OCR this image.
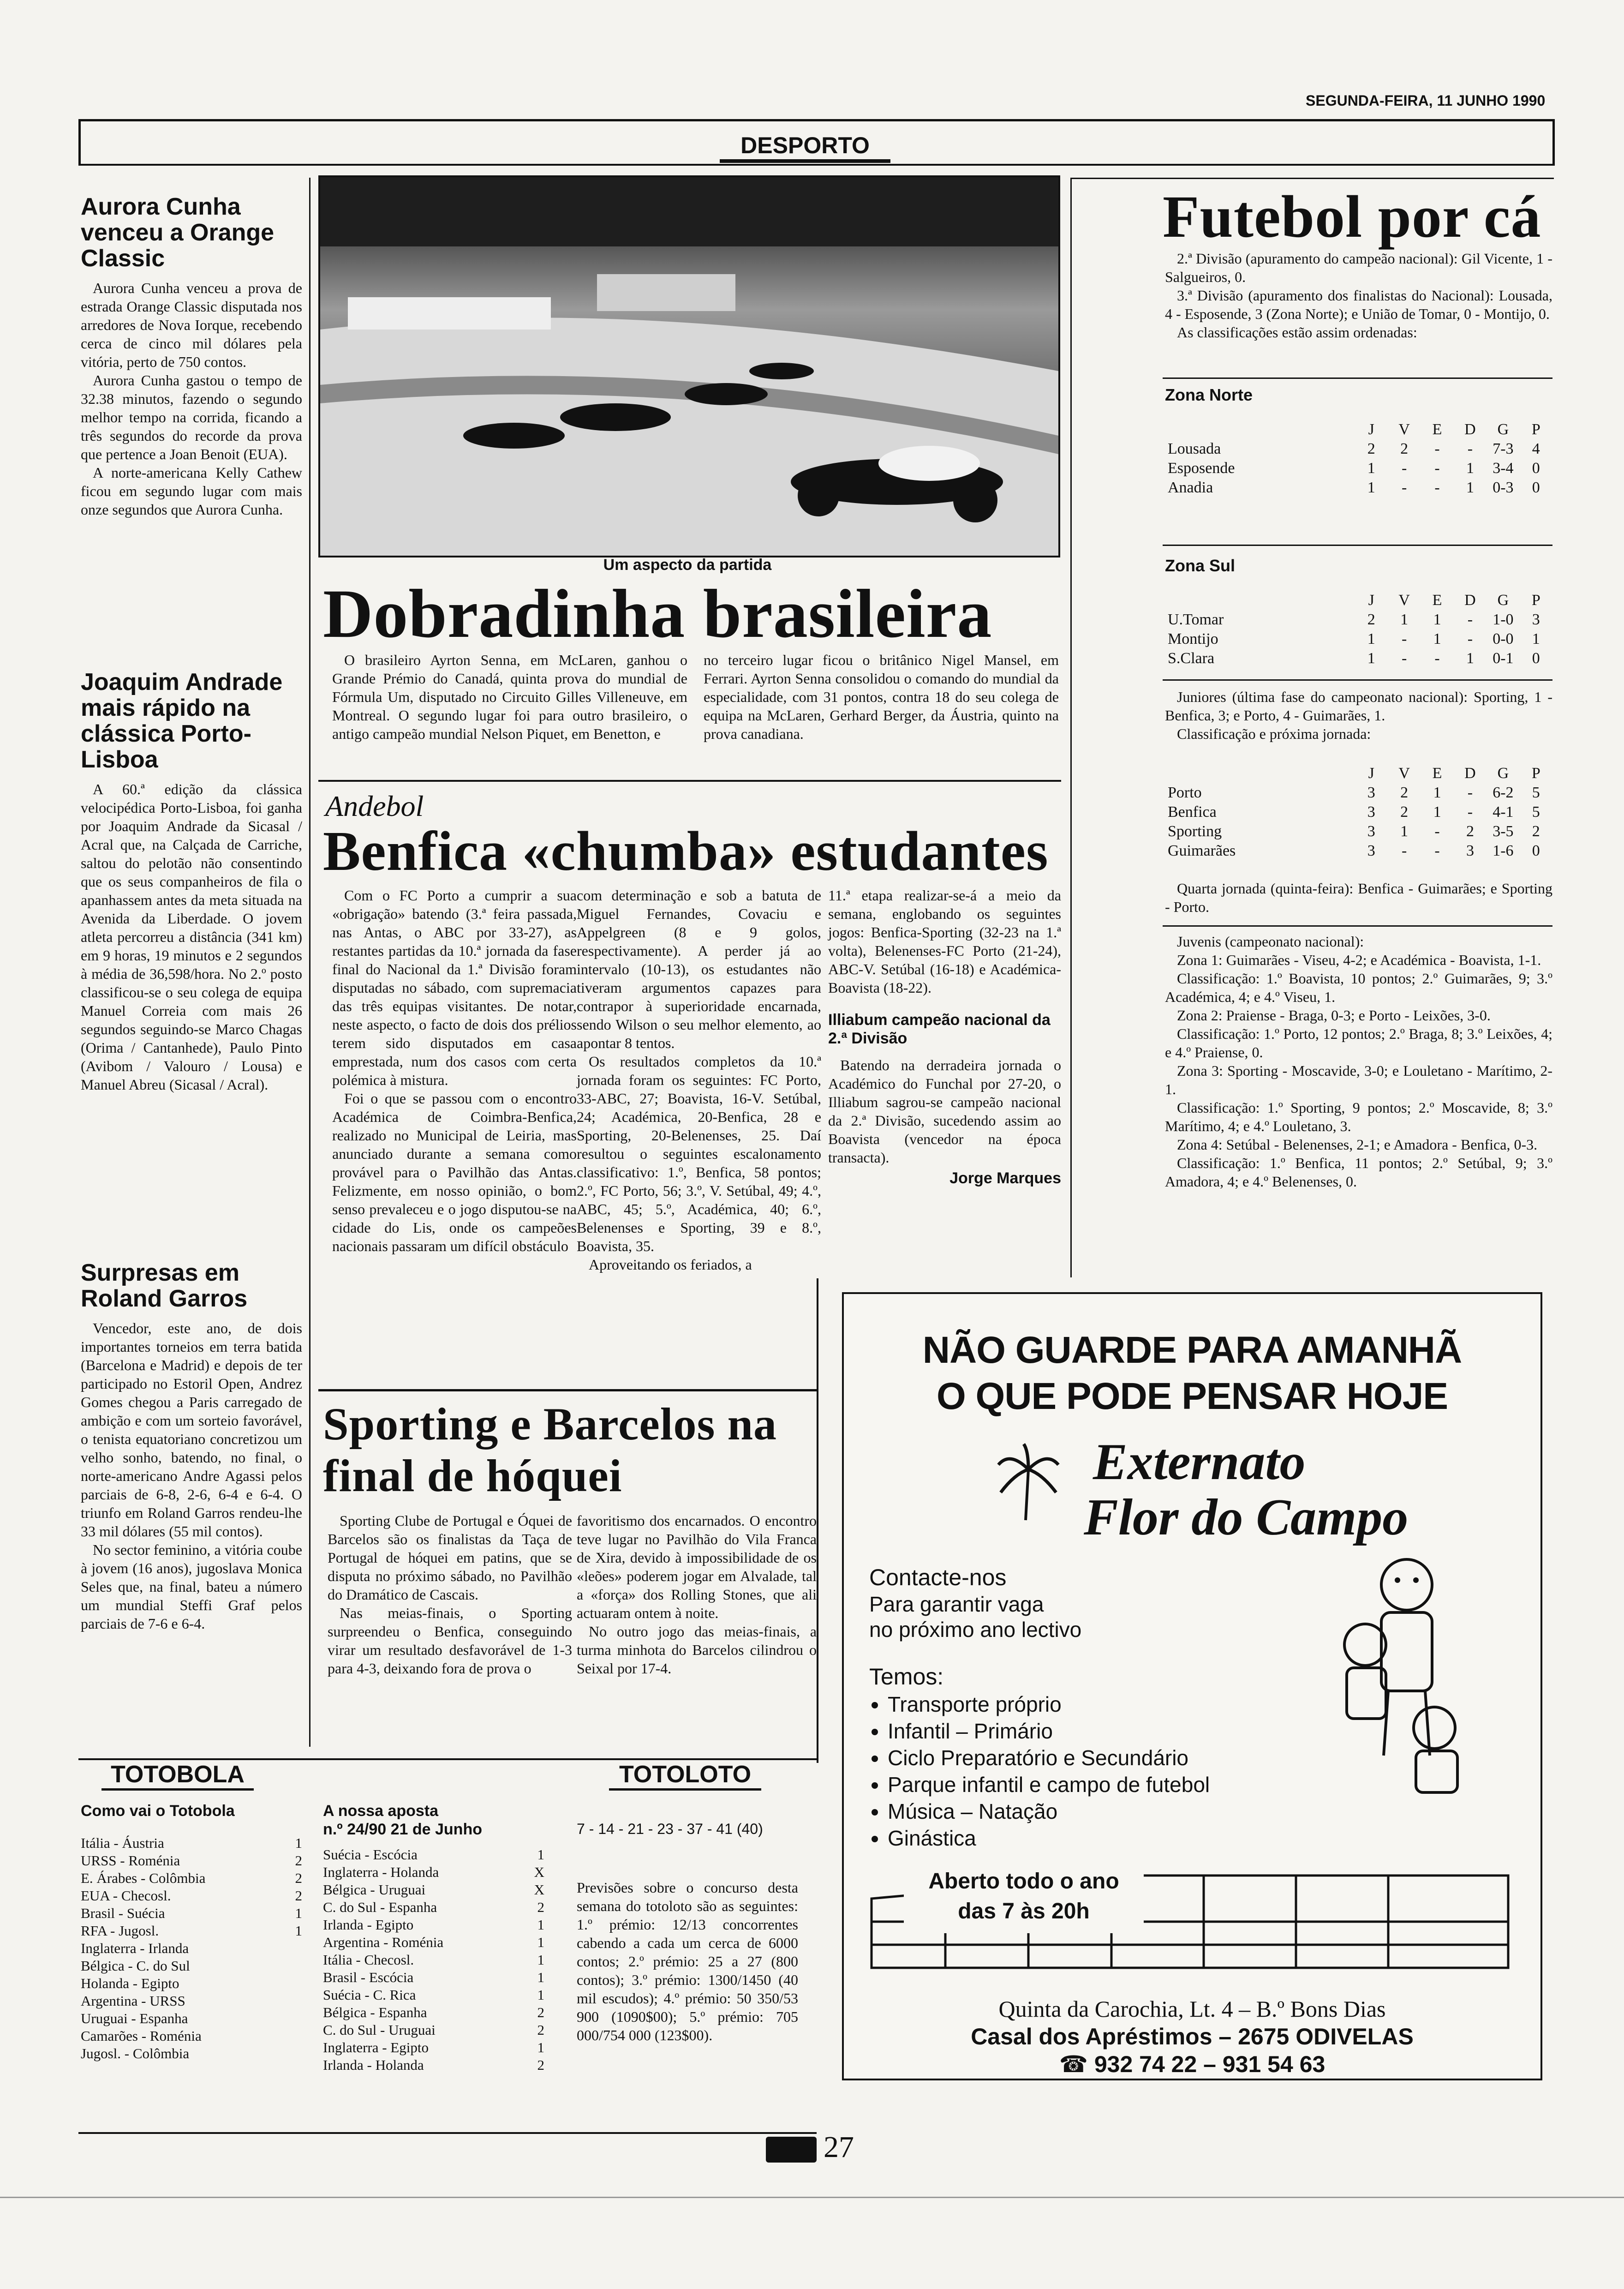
SEGUNDA-FEIRA, 11 JUNHO 1990
DESPORTO
Aurora Cunha venceu a Orange Classic

Aurora Cunha venceu a prova de estrada Orange Classic disputada nos arredores de Nova Iorque, recebendo cerca de cinco mil dólares pela vitória, perto de 750 contos.

Aurora Cunha gastou o tempo de 32.38 minutos, fazendo o segundo melhor tempo na corrida, ficando a três segundos do recorde da prova que pertence a Joan Benoit (EUA).

A norte-americana Kelly Cathew ficou em segundo lugar com mais onze segundos que Aurora Cunha.

Joaquim Andrade mais rápido na clássica Porto-Lisboa

A 60.ª edição da clássica velocipédica Porto-Lisboa, foi ganha por Joaquim Andrade da Sicasal / Acral que, na Calçada de Carriche, saltou do pelotão não consentindo que os seus companheiros de fila o apanhassem antes da meta situada na Avenida da Liberdade. O jovem atleta percorreu a distância (341 km) em 9 horas, 19 minutos e 2 segundos à média de 36,598/hora. No 2.º posto classificou-se o seu colega de equipa Manuel Correia com mais 26 segundos seguindo-se Marco Chagas (Orima / Cantanhede), Paulo Pinto (Avibom / Valouro / Lousa) e Manuel Abreu (Sicasal / Acral).

Surpresas em Roland Garros

Vencedor, este ano, de dois importantes torneios em terra batida (Barcelona e Madrid) e depois de ter participado no Estoril Open, Andrez Gomes chegou a Paris carregado de ambição e com um sorteio favorável, o tenista equatoriano concretizou um velho sonho, batendo, no final, o norte-americano Andre Agassi pelos parciais de 6-8, 2-6, 6-4 e 6-4. O triunfo em Roland Garros rendeu-lhe 33 mil dólares (55 mil contos).

No sector feminino, a vitória coube à jovem (16 anos), jugoslava Monica Seles que, na final, bateu a número um mundial Steffi Graf pelos parciais de 7-6 e 6-4.

Um aspecto da partida
Dobradinha brasileira

O brasileiro Ayrton Senna, em McLaren, ganhou o Grande Prémio do Canadá, quinta prova do mundial de Fórmula Um, disputado no Circuito Gilles Villeneuve, em Montreal. O segundo lugar foi para outro brasileiro, o antigo campeão mundial Nelson Piquet, em Benetton, e

no terceiro lugar ficou o britânico Nigel Mansel, em Ferrari. Ayrton Senna consolidou o comando do mundial da especialidade, com 31 pontos, contra 18 do seu colega de equipa na McLaren, Gerhard Berger, da Áustria, quinto na prova canadiana.

Andebol
Benfica «chumba» estudantes

Com o FC Porto a cumprir a sua «obrigação» batendo (3.ª feira passada, nas Antas, o ABC por 33-27), as restantes partidas da 10.ª jornada da fase final do Nacional da 1.ª Divisão foram disputadas no sábado, com supremacia das três equipas visitantes. De notar, neste aspecto, o facto de dois dos prélios terem sido disputados em casa emprestada, num dos casos com certa polémica à mistura.

Foi o que se passou com o encontro Académica de Coimbra-Benfica, realizado no Municipal de Leiria, mas anunciado durante a semana como provável para o Pavilhão das Antas. Felizmente, em nosso opinião, o bom senso prevaleceu e o jogo disputou-se na cidade do Lis, onde os campeões nacionais passaram um difícil obstáculo

com determinação e sob a batuta de Miguel Fernandes, Covaciu e Appelgreen (8 e 9 golos, respectivamente). A perder já ao intervalo (10-13), os estudantes não tiveram argumentos capazes para contrapor à superioridade encarnada, sendo Wilson o seu melhor elemento, ao apontar 8 tentos.

Os resultados completos da 10.ª jornada foram os seguintes: FC Porto, 33-ABC, 27; Boavista, 16-V. Setúbal, 24; Académica, 20-Benfica, 28 e Sporting, 20-Belenenses, 25. Daí resultou o seguintes escalonamento classificativo: 1.º, Benfica, 58 pontos; 2.º, FC Porto, 56; 3.º, V. Setúbal, 49; 4.º, ABC, 45; 5.º, Académica, 40; 6.º, Belenenses e Sporting, 39 e 8.º, Boavista, 35.

Aproveitando os feriados, a

11.ª etapa realizar-se-á a meio da semana, englobando os seguintes jogos: Benfica-Sporting (32-23 na 1.ª volta), Belenenses-FC Porto (21-24), ABC-V. Setúbal (16-18) e Académica-Boavista (18-22).

Illiabum campeão nacional da 2.ª Divisão

Batendo na derradeira jornada o Académico do Funchal por 27-20, o Illiabum sagrou-se campeão nacional da 2.ª Divisão, sucedendo assim ao Boavista (vencedor na época transacta).

Jorge Marques
Sporting e Barcelos na final de hóquei

Sporting Clube de Portugal e Óquei de Barcelos são os finalistas da Taça de Portugal de hóquei em patins, que se disputa no próximo sábado, no Pavilhão do Dramático de Cascais.

Nas meias-finais, o Sporting surpreendeu o Benfica, conseguindo virar um resultado desfavorável de 1-3 para 4-3, deixando fora de prova o

favoritismo dos encarnados. O encontro teve lugar no Pavilhão do Vila Franca de Xira, devido à impossibilidade de os «leões» poderem jogar em Alvalade, tal a «força» dos Rolling Stones, que ali actuaram ontem à noite.

No outro jogo das meias-finais, a turma minhota do Barcelos cilindrou o Seixal por 17-4.

Futebol por cá

2.ª Divisão (apuramento do campeão nacional): Gil Vicente, 1 - Salgueiros, 0.

3.ª Divisão (apuramento dos finalistas do Nacional): Lousada, 4 - Esposende, 3 (Zona Norte); e União de Tomar, 0 - Montijo, 0.

As classificações estão assim ordenadas:

Zona Norte
	J	V	E	D	G	P
Lousada	2	2	-	-	7-3	4
Esposende	1	-	-	1	3-4	0
Anadia	1	-	-	1	0-3	0
Zona Sul
	J	V	E	D	G	P
U.Tomar	2	1	1	-	1-0	3
Montijo	1	-	1	-	0-0	1
S.Clara	1	-	-	1	0-1	0

Juniores (última fase do campeonato nacional): Sporting, 1 - Benfica, 3; e Porto, 4 - Guimarães, 1.

Classificação e próxima jornada:

	J	V	E	D	G	P
Porto	3	2	1	-	6-2	5
Benfica	3	2	1	-	4-1	5
Sporting	3	1	-	2	3-5	2
Guimarães	3	-	-	3	1-6	0

Quarta jornada (quinta-feira): Benfica - Guimarães; e Sporting - Porto.

Juvenis (campeonato nacional):

Zona 1: Guimarães - Viseu, 4-2; e Académica - Boavista, 1-1.

Classificação: 1.º Boavista, 10 pontos; 2.º Guimarães, 9; 3.º Académica, 4; e 4.º Viseu, 1.

Zona 2: Praiense - Braga, 0-3; e Porto - Leixões, 3-0.

Classificação: 1.º Porto, 12 pontos; 2.º Braga, 8; 3.º Leixões, 4; e 4.º Praiense, 0.

Zona 3: Sporting - Moscavide, 3-0; e Louletano - Marítimo, 2-1.

Classificação: 1.º Sporting, 9 pontos; 2.º Moscavide, 8; 3.º Marítimo, 4; e 4.º Louletano, 3.

Zona 4: Setúbal - Belenenses, 2-1; e Amadora - Benfica, 0-3.

Classificação: 1.º Benfica, 11 pontos; 2.º Setúbal, 9; 3.º Amadora, 4; e 4.º Belenenses, 0.

NÃO GUARDE PARA AMANHÃ
O QUE PODE PENSAR HOJE
Externato
Flor do Campo
Contacte-nos
Para garantir vaga
no próximo ano lectivo
Temos:
• Transporte próprio
• Infantil – Primário
• Ciclo Preparatório e Secundário
• Parque infantil e campo de futebol
• Música – Natação
• Ginástica
Aberto todo o ano
das 7 às 20h
Quinta da Carochia, Lt. 4 – B.º Bons Dias
Casal dos Apréstimos – 2675 ODIVELAS
☎ 932 74 22 – 931 54 63
TOTOBOLA
Como vai o Totobola
Itália - Áustria	1
URSS - Roménia	2
E. Árabes - Colômbia	2
EUA - Checosl.	2
Brasil - Suécia	1
RFA - Jugosl.	1
Inglaterra - Irlanda	
Bélgica - C. do Sul	
Holanda - Egipto	
Argentina - URSS	
Uruguai - Espanha	
Camarões - Roménia	
Jugosl. - Colômbia	
A nossa aposta
n.º 24/90 21 de Junho
Suécia - Escócia	1
Inglaterra - Holanda	X
Bélgica - Uruguai	X
C. do Sul - Espanha	2
Irlanda - Egipto	1
Argentina - Roménia	1
Itália - Checosl.	1
Brasil - Escócia	1
Suécia - C. Rica	1
Bélgica - Espanha	2
C. do Sul - Uruguai	2
Inglaterra - Egipto	1
Irlanda - Holanda	2
TOTOLOTO
7 - 14 - 21 - 23 - 37 - 41 (40)

Previsões sobre o concurso desta semana do totoloto são as seguintes: 1.º prémio: 12/13 concorrentes cabendo a cada um cerca de 6000 contos; 2.º prémio: 25 a 27 (800 contos); 3.º prémio: 1300/1450 (40 mil escudos); 4.º prémio: 50 350/53 900 (1090$00); 5.º prémio: 705 000/754 000 (123$00).

27
